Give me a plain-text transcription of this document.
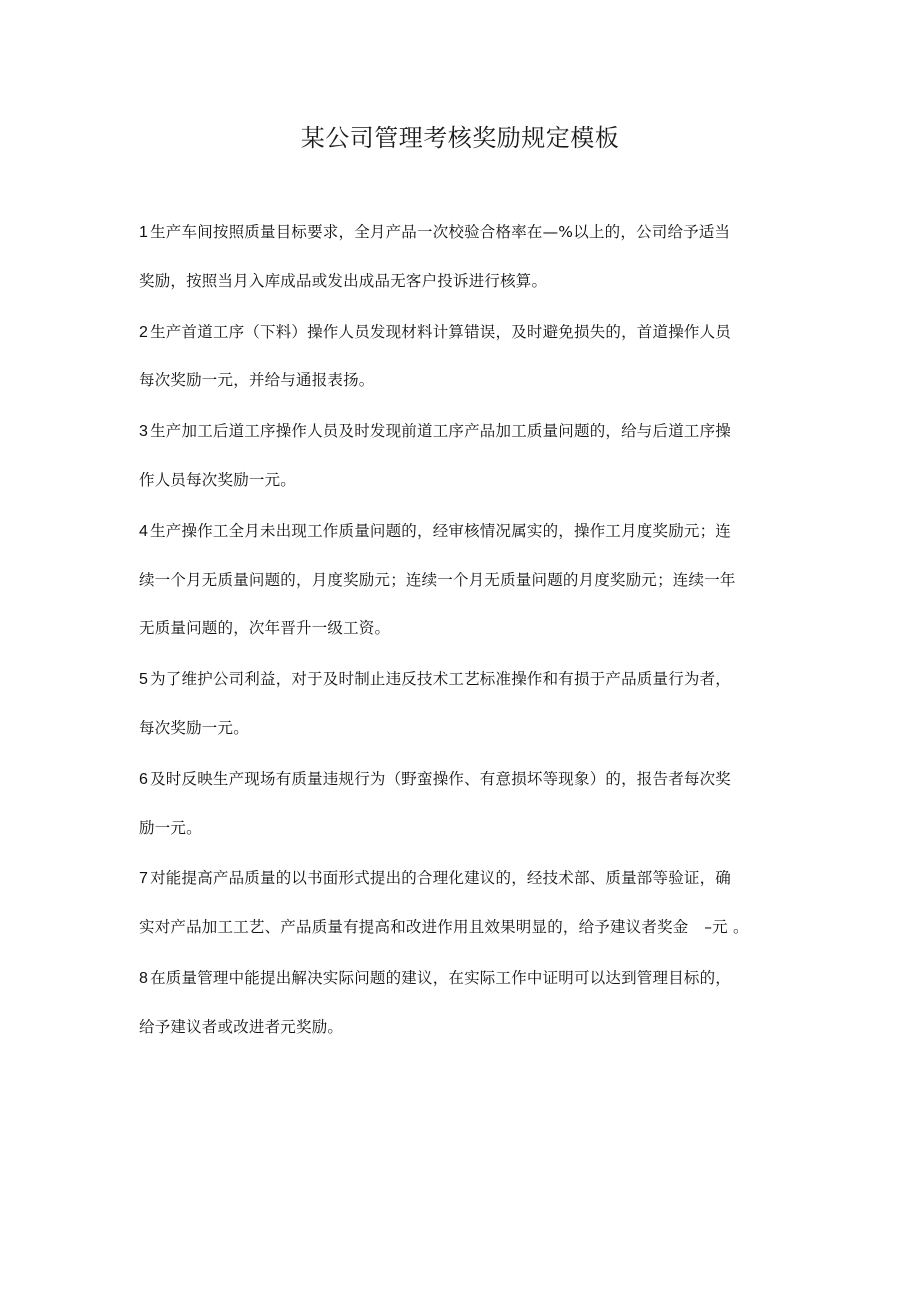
某公司管理考核奖励规定模板
1 生产车间按照质量目标要求，全月产品一次校验合格率在—%以上的，公司给予适当
奖励，按照当月入库成品或发出成品无客户投诉进行核算。
2 生产首道工序（下料）操作人员发现材料计算错误，及时避免损失的，首道操作人员
每次奖励一元，并给与通报表扬。
3 生产加工后道工序操作人员及时发现前道工序产品加工质量问题的，给与后道工序操
作人员每次奖励一元。
4 生产操作工全月未出现工作质量问题的，经审核情况属实的，操作工月度奖励元；连
续一个月无质量问题的，月度奖励元；连续一个月无质量问题的月度奖励元；连续一年
无质量问题的，次年晋升一级工资。
5 为了维护公司利益，对于及时制止违反技术工艺标准操作和有损于产品质量行为者，
每次奖励一元。
6 及时反映生产现场有质量违规行为（野蛮操作、有意损坏等现象）的，报告者每次奖
励一元。
7 对能提高产品质量的以书面形式提出的合理化建议的，经技术部、质量部等验证，确
实对产品加工工艺、产品质量有提高和改进作用且效果明显的，给予建议者奖金　–元 。
8 在质量管理中能提出解决实际问题的建议，在实际工作中证明可以达到管理目标的，
给予建议者或改进者元奖励。
